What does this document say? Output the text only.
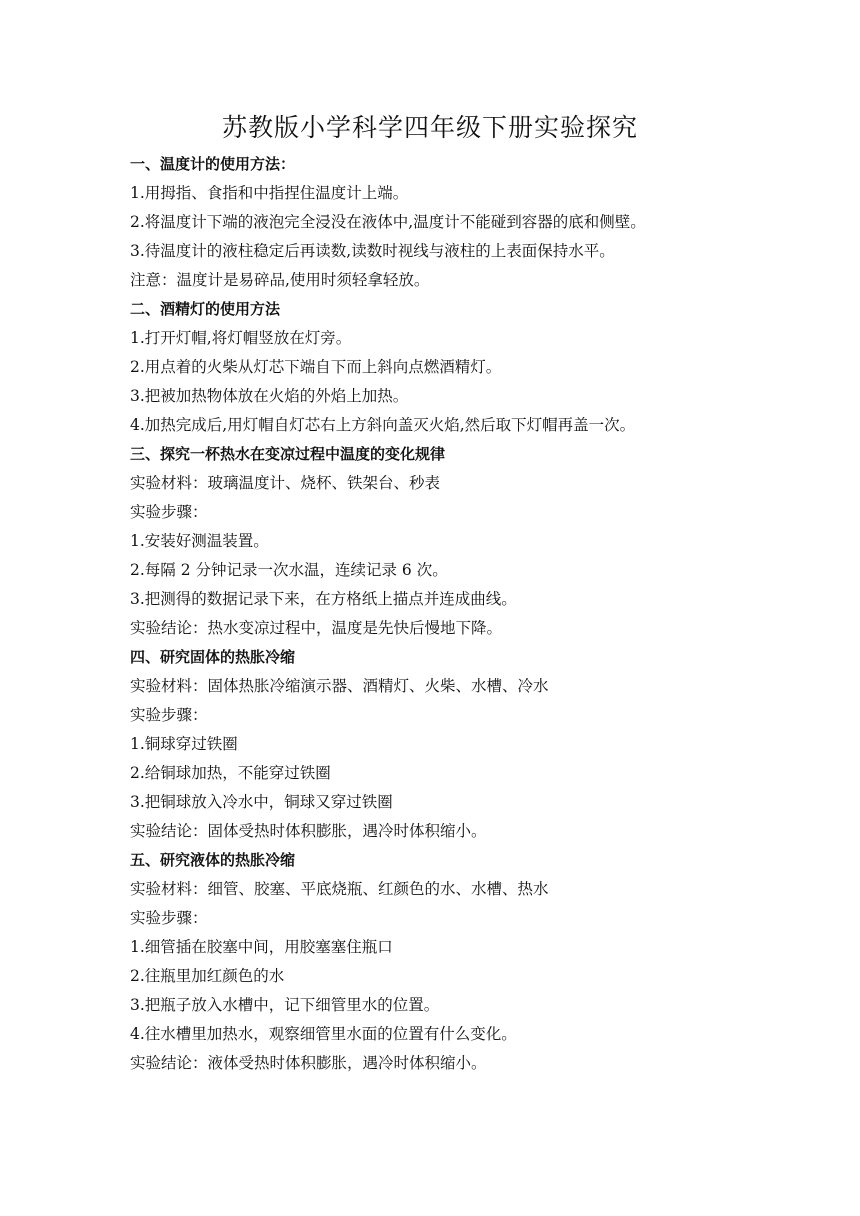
苏教版小学科学四年级下册实验探究
一、温度计的使用方法：
1.用拇指、食指和中指捏住温度计上端。
2.将温度计下端的液泡完全浸没在液体中,温度计不能碰到容器的底和侧壁。
3.待温度计的液柱稳定后再读数,读数时视线与液柱的上表面保持水平。
注意：温度计是易碎品,使用时须轻拿轻放。
二、酒精灯的使用方法
1.打开灯帽,将灯帽竖放在灯旁。
2.用点着的火柴从灯芯下端自下而上斜向点燃酒精灯。
3.把被加热物体放在火焰的外焰上加热。
4.加热完成后,用灯帽自灯芯右上方斜向盖灭火焰,然后取下灯帽再盖一次。
三、探究一杯热水在变凉过程中温度的变化规律
实验材料：玻璃温度计、烧杯、铁架台、秒表
实验步骤：
1.安装好测温装置。
2.每隔 2 分钟记录一次水温，连续记录 6 次。
3.把测得的数据记录下来，在方格纸上描点并连成曲线。
实验结论：热水变凉过程中，温度是先快后慢地下降。
四、研究固体的热胀冷缩
实验材料：固体热胀冷缩演示器、酒精灯、火柴、水槽、冷水
实验步骤：
1.铜球穿过铁圈
2.给铜球加热，不能穿过铁圈
3.把铜球放入冷水中，铜球又穿过铁圈
实验结论：固体受热时体积膨胀，遇冷时体积缩小。
五、研究液体的热胀冷缩
实验材料：细管、胶塞、平底烧瓶、红颜色的水、水槽、热水
实验步骤：
1.细管插在胶塞中间，用胶塞塞住瓶口
2.往瓶里加红颜色的水
3.把瓶子放入水槽中，记下细管里水的位置。
4.往水槽里加热水，观察细管里水面的位置有什么变化。
实验结论：液体受热时体积膨胀，遇冷时体积缩小。
